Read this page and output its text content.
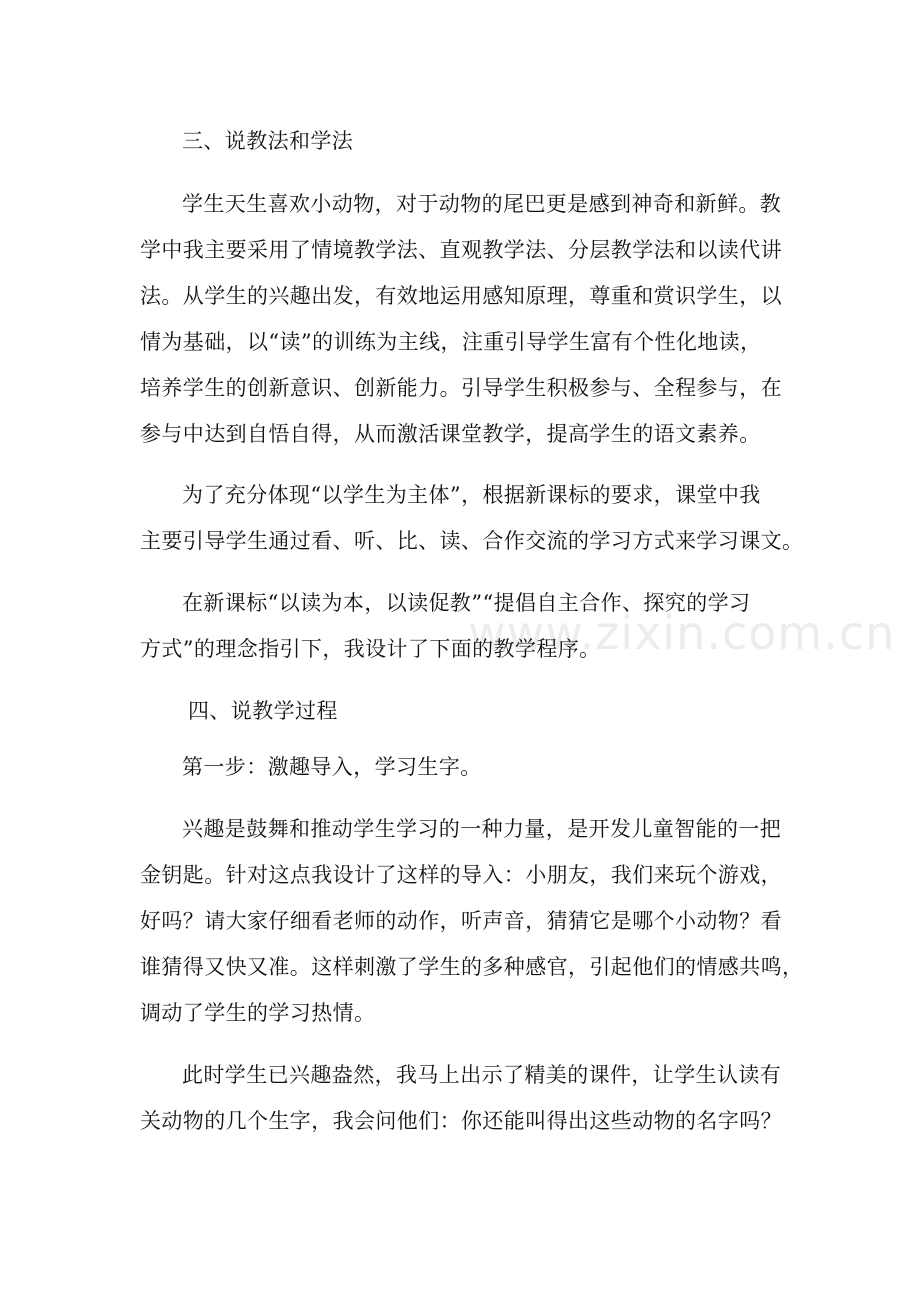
www.zixin.com.cn
三、说教法和学法
学生天生喜欢小动物，对于动物的尾巴更是感到神奇和新鲜。教
学中我主要采用了情境教学法、直观教学法、分层教学法和以读代讲
法。从学生的兴趣出发，有效地运用感知原理，尊重和赏识学生，以
情为基础，以“读”的训练为主线，注重引导学生富有个性化地读，
培养学生的创新意识、创新能力。引导学生积极参与、全程参与，在
参与中达到自悟自得，从而激活课堂教学，提高学生的语文素养。
为了充分体现“以学生为主体”，根据新课标的要求，课堂中我
主要引导学生通过看、听、比、读、合作交流的学习方式来学习课文。
在新课标“以读为本，以读促教”“提倡自主合作、探究的学习
方式”的理念指引下，我设计了下面的教学程序。
四、说教学过程
第一步：激趣导入，学习生字。
兴趣是鼓舞和推动学生学习的一种力量，是开发儿童智能的一把
金钥匙。针对这点我设计了这样的导入：小朋友，我们来玩个游戏，
好吗？请大家仔细看老师的动作，听声音，猜猜它是哪个小动物？看
谁猜得又快又准。这样刺激了学生的多种感官，引起他们的情感共鸣，
调动了学生的学习热情。
此时学生已兴趣盎然，我马上出示了精美的课件，让学生认读有
关动物的几个生字，我会问他们：你还能叫得出这些动物的名字吗？
